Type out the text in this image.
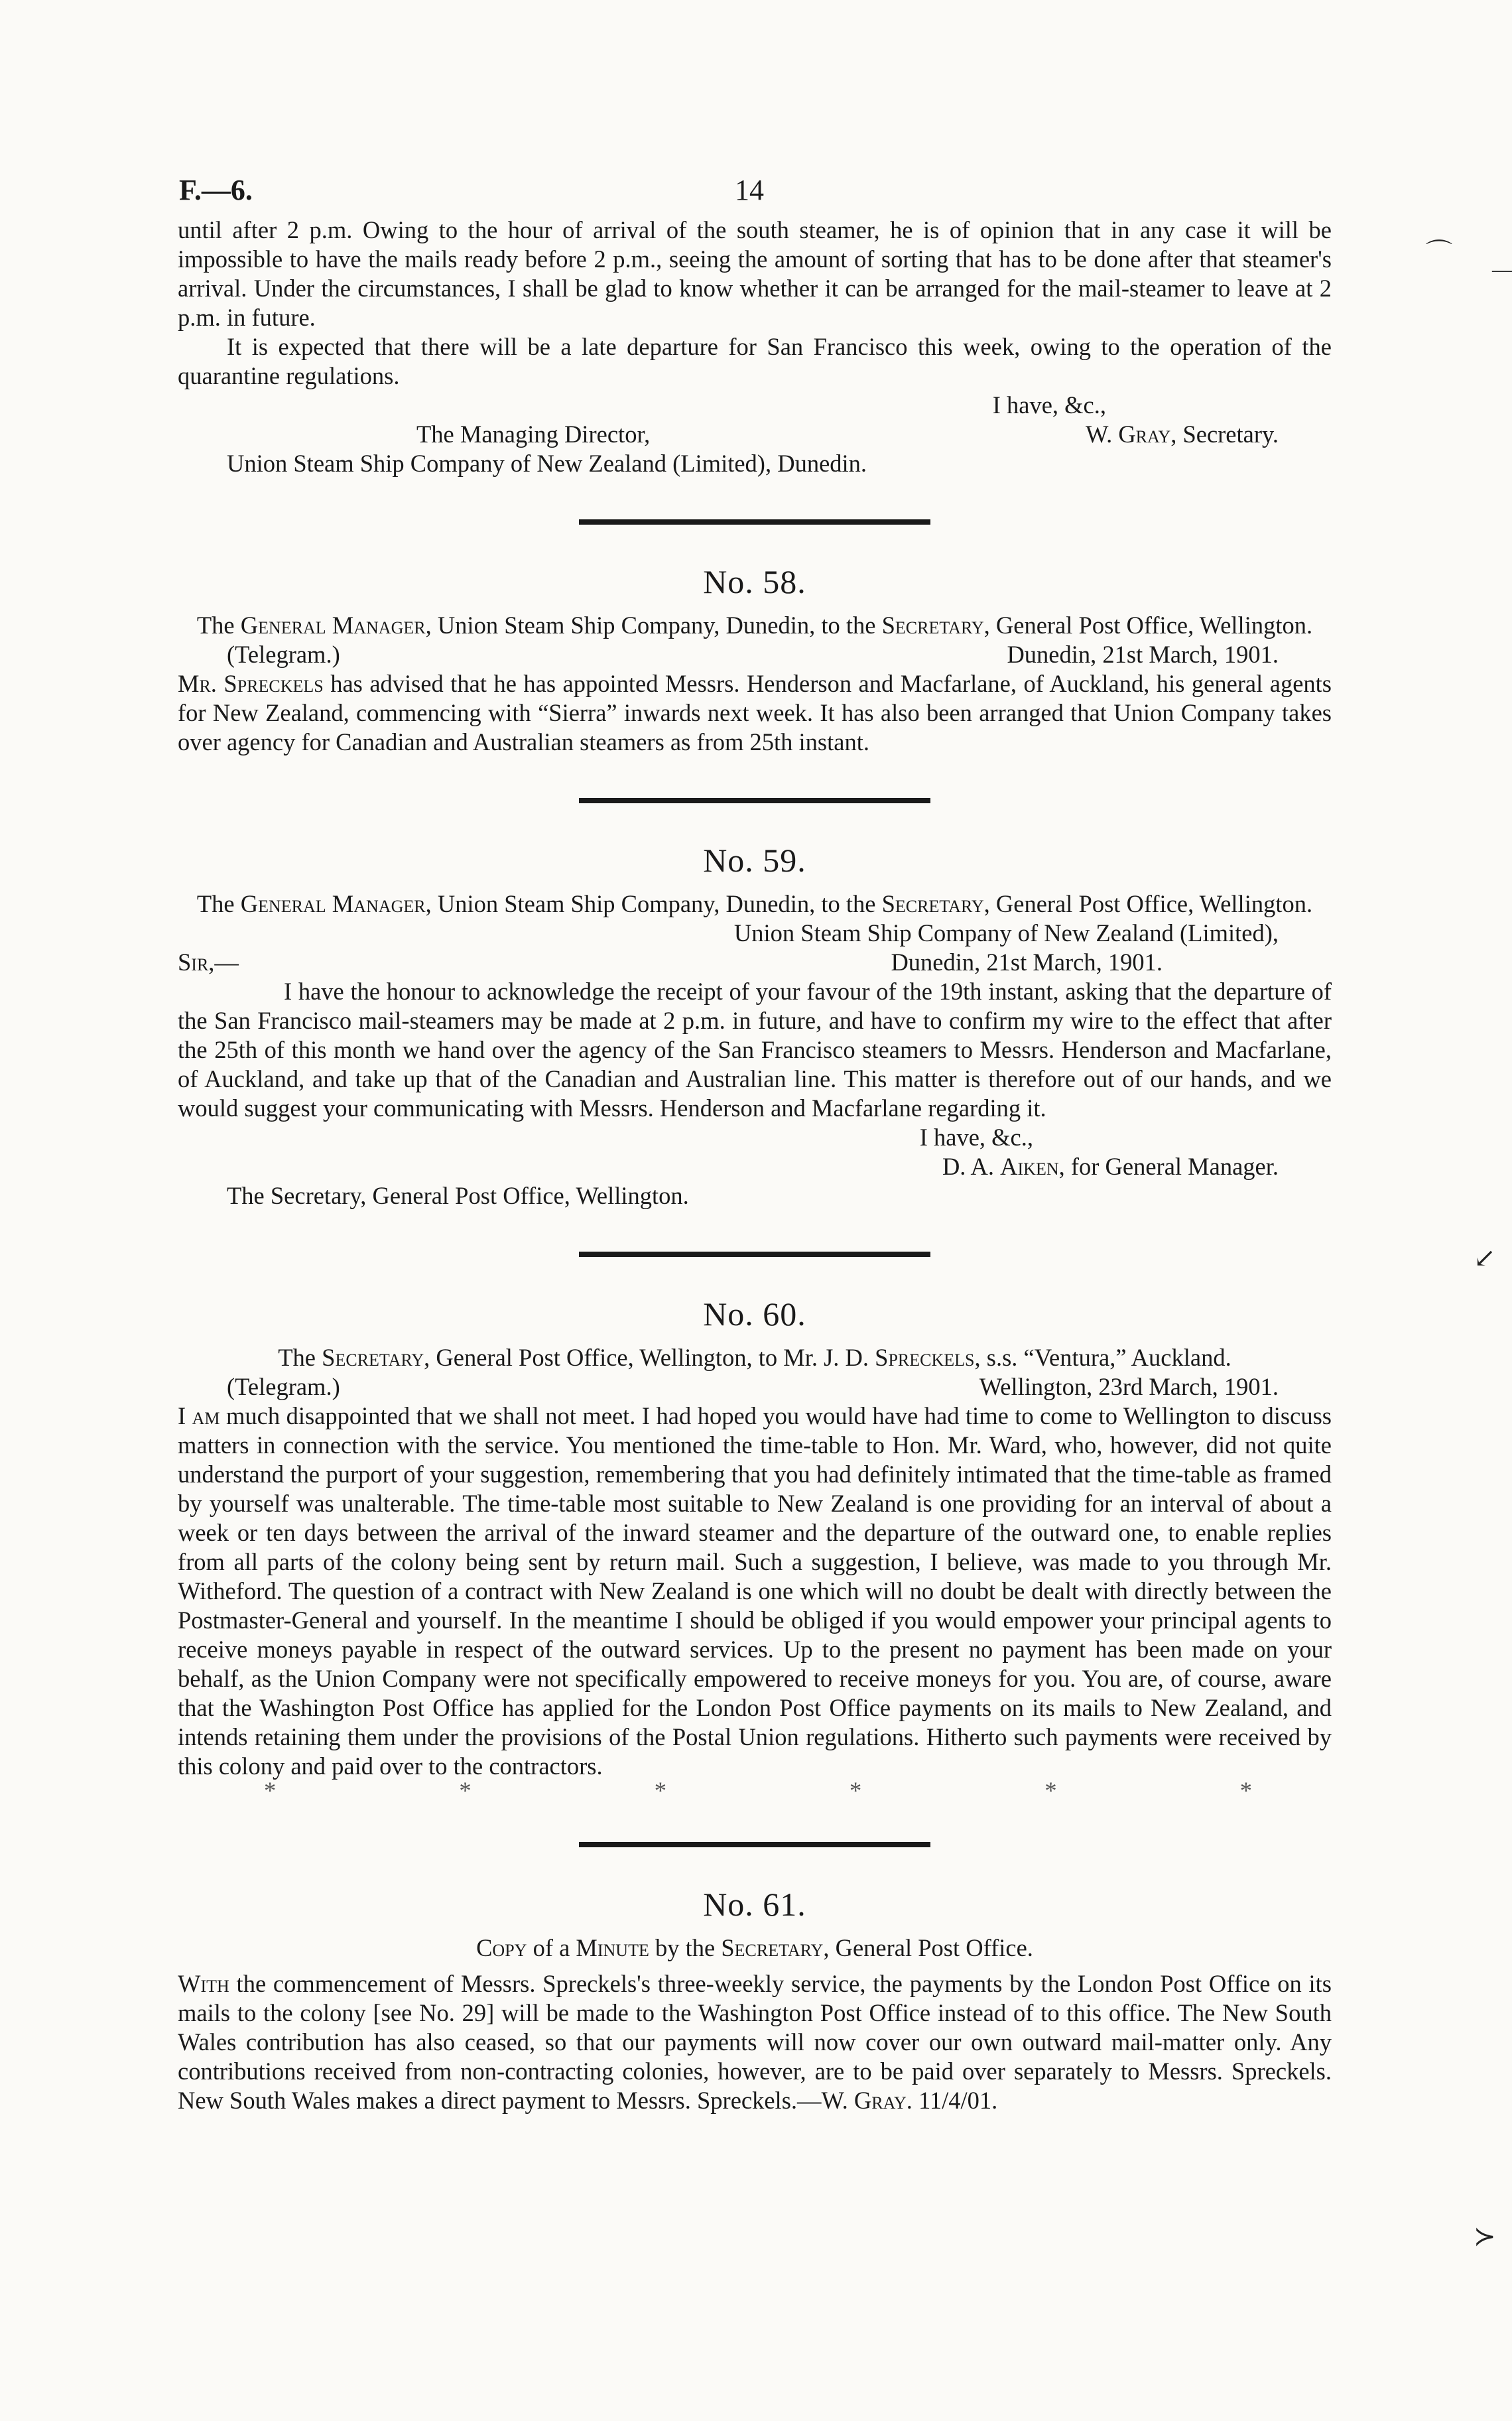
⌒
—
↙
≻
F.—6.	14

until after 2 p.m. Owing to the hour of arrival of the south steamer, he is of opinion that in any case it will be impossible to have the mails ready before 2 p.m., seeing the amount of sorting that has to be done after that steamer's arrival. Under the circumstances, I shall be glad to know whether it can be arranged for the mail-steamer to leave at 2 p.m. in future.

It is expected that there will be a late departure for San Francisco this week, owing to the operation of the quarantine regulations.

I have, &c.,

The Managing Director,	W. Gray, Secretary.

Union Steam Ship Company of New Zealand (Limited), Dunedin.

No. 58.

The General Manager, Union Steam Ship Company, Dunedin, to the Secretary, General Post Office, Wellington.

(Telegram.)	Dunedin, 21st March, 1901.

Mr. Spreckels has advised that he has appointed Messrs. Henderson and Macfarlane, of Auckland, his general agents for New Zealand, commencing with “Sierra” inwards next week. It has also been arranged that Union Company takes over agency for Canadian and Australian steamers as from 25th instant.

No. 59.

The General Manager, Union Steam Ship Company, Dunedin, to the Secretary, General Post Office, Wellington.

Union Steam Ship Company of New Zealand (Limited),

Sir,—	Dunedin, 21st March, 1901.

I have the honour to acknowledge the receipt of your favour of the 19th instant, asking that the departure of the San Francisco mail-steamers may be made at 2 p.m. in future, and have to confirm my wire to the effect that after the 25th of this month we hand over the agency of the San Francisco steamers to Messrs. Henderson and Macfarlane, of Auckland, and take up that of the Canadian and Australian line. This matter is therefore out of our hands, and we would suggest your communicating with Messrs. Henderson and Macfarlane regarding it.

I have, &c.,

D. A. Aiken, for General Manager.

The Secretary, General Post Office, Wellington.

No. 60.

The Secretary, General Post Office, Wellington, to Mr. J. D. Spreckels, s.s. “Ventura,” Auckland.

(Telegram.)	Wellington, 23rd March, 1901.

I am much disappointed that we shall not meet. I had hoped you would have had time to come to Wellington to discuss matters in connection with the service. You mentioned the time-table to Hon. Mr. Ward, who, however, did not quite understand the purport of your suggestion, remembering that you had definitely intimated that the time-table as framed by yourself was unalterable. The time-table most suitable to New Zealand is one providing for an interval of about a week or ten days between the arrival of the inward steamer and the departure of the outward one, to enable replies from all parts of the colony being sent by return mail. Such a suggestion, I believe, was made to you through Mr. Witheford. The question of a contract with New Zealand is one which will no doubt be dealt with directly between the Postmaster-General and yourself. In the meantime I should be obliged if you would empower your principal agents to receive moneys payable in respect of the outward services. Up to the present no payment has been made on your behalf, as the Union Company were not specifically empowered to receive moneys for you. You are, of course, aware that the Washington Post Office has applied for the London Post Office payments on its mails to New Zealand, and intends retaining them under the provisions of the Postal Union regulations. Hitherto such payments were received by this colony and paid over to the contractors.

*	*	*	*	*	*
No. 61.

Copy of a Minute by the Secretary, General Post Office.

With the commencement of Messrs. Spreckels's three-weekly service, the payments by the London Post Office on its mails to the colony [see No. 29] will be made to the Washington Post Office instead of to this office. The New South Wales contribution has also ceased, so that our payments will now cover our own outward mail-matter only. Any contributions received from non-contracting colonies, however, are to be paid over separately to Messrs. Spreckels. New South Wales makes a direct payment to Messrs. Spreckels.—W. Gray. 11/4/01.
